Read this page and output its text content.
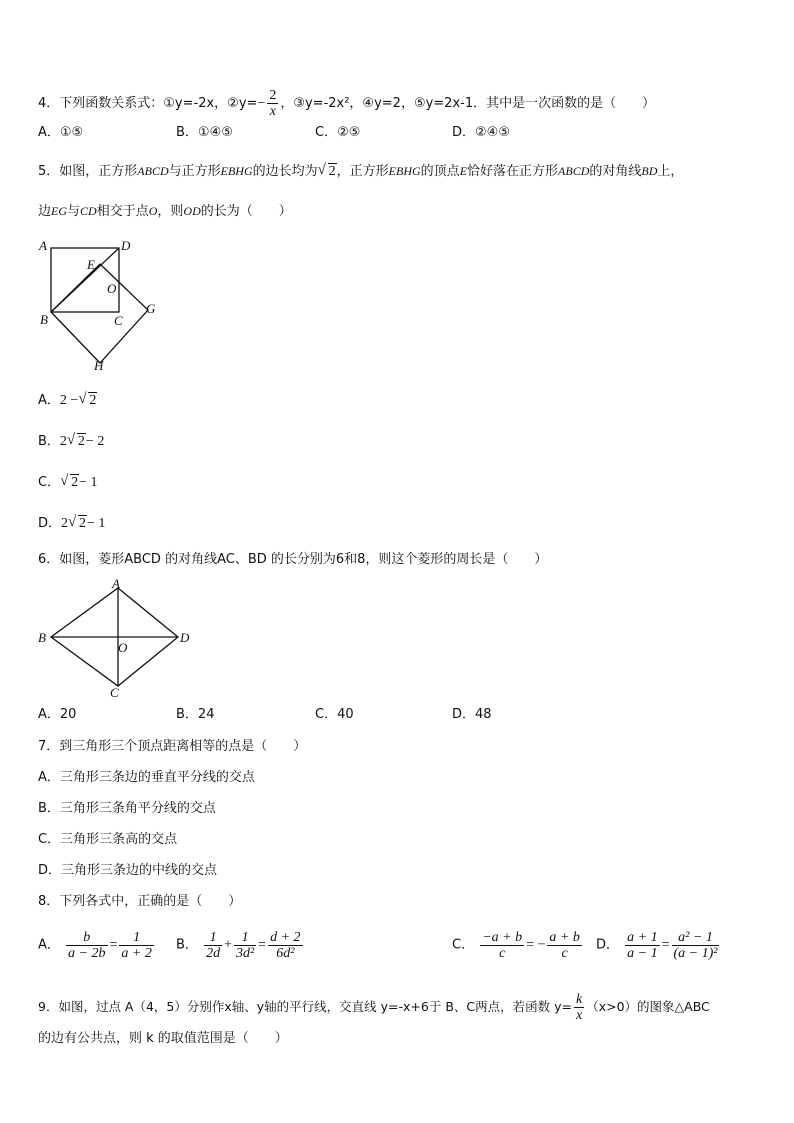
4．下列函数关系式：①y=-2x，②y=− $\frac{2}{x}$ ，③y=-2x²，④y=2，⑤y=2x-1．其中是一次函数的是（　　）
A．①⑤	B．①④⑤	C．②⑤	D．②④⑤
5．如图，正方形ABCD与正方形EBHG的边长均为 √ 2，正方形EBHG的顶点E恰好落在正方形ABCD的对角线BD上，
边EG与CD相交于点O，则OD的长为（　　）
A	D
E
O
B	C
G
H
A．2 − √ 2
B．2 √ 2− 2
C． √ 2− 1
D．2 √ 2− 1
6．如图，菱形ABCD 的对角线AC、BD 的长分别为6和8，则这个菱形的周长是（　　）
A
B
O
D
C
A．20	B．24	C．40	D．48
7．到三角形三个顶点距离相等的点是（　　）
A．三角形三条边的垂直平分线的交点
B．三角形三条角平分线的交点
C．三角形三条高的交点
D．三角形三条边的中线的交点
8．下列各式中，正确的是（　　）
A． $\frac{b}{a - 2b} = \frac{1}{a + 2}$ B． $\frac{1}{2d} + \frac{1}{\text{3d²}} = \frac{d + 2}{\text{6d²}}$	C． $\frac{-a + b}{c}$ = − $\frac{a + b}{c}$ D． $\frac{a + 1}{a - 1} = \frac{\text{a² − 1}}{\text{(a − 1)²}}$
9．如图，过点 A（4，5）分别作x轴、y轴的平行线，交直线 y=-x+6于 B、C两点，若函数 $y= \frac{k}{x} (x>0)$的图象△ABC
的边有公共点，则 k 的取值范围是（　　）
